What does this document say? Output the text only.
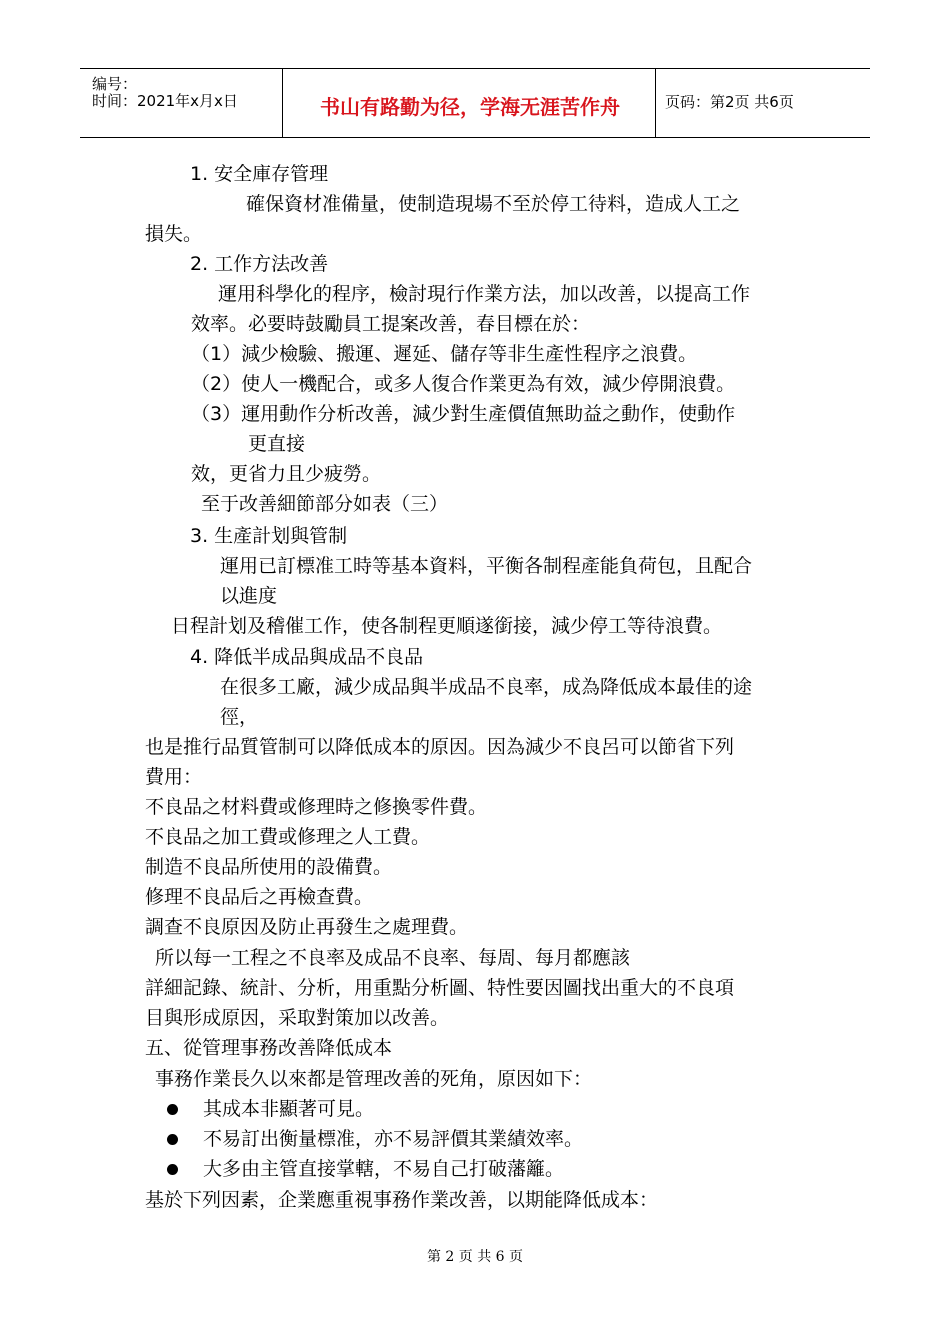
编号：
时间：2021年x月x日	书山有路勤为径，学海无涯苦作舟	页码：第2页 共6页
1. 安全庫存管理
確保資材准備量，使制造現場不至於停工待料，造成人工之
損失。
2. 工作方法改善
運用科學化的程序，檢討現行作業方法，加以改善，以提高工作
效率。必要時鼓勵員工提案改善，春目標在於：
（1）減少檢驗、搬運、遲延、儲存等非生產性程序之浪費。
（2）使人一機配合，或多人復合作業更為有效，減少停開浪費。
（3）運用動作分析改善，減少對生產價值無助益之動作，使動作
更直接
效，更省力且少疲勞。
至于改善細節部分如表（三）
3. 生產計划與管制
運用已訂標准工時等基本資料，平衡各制程產能負荷包，且配合
以進度
日程計划及稽催工作，使各制程更順遂銜接，減少停工等待浪費。
4. 降低半成品與成品不良品
在很多工廠，減少成品與半成品不良率，成為降低成本最佳的途
徑，
也是推行品質管制可以降低成本的原因。因為減少不良呂可以節省下列
費用：
不良品之材料費或修理時之修換零件費。
不良品之加工費或修理之人工費。
制造不良品所使用的設備費。
修理不良品后之再檢查費。
調查不良原因及防止再發生之處理費。
所以每一工程之不良率及成品不良率、每周、每月都應該
詳細記錄、統計、分析，用重點分析圖、特性要因圖找出重大的不良項
目與形成原因，采取對策加以改善。
五、從管理事務改善降低成本
事務作業長久以來都是管理改善的死角，原因如下：
其成本非顯著可見。
不易訂出衡量標准，亦不易評價其業績效率。
大多由主管直接掌轄，不易自己打破藩籬。
基於下列因素，企業應重視事務作業改善，以期能降低成本：
第 2 页 共 6 页
